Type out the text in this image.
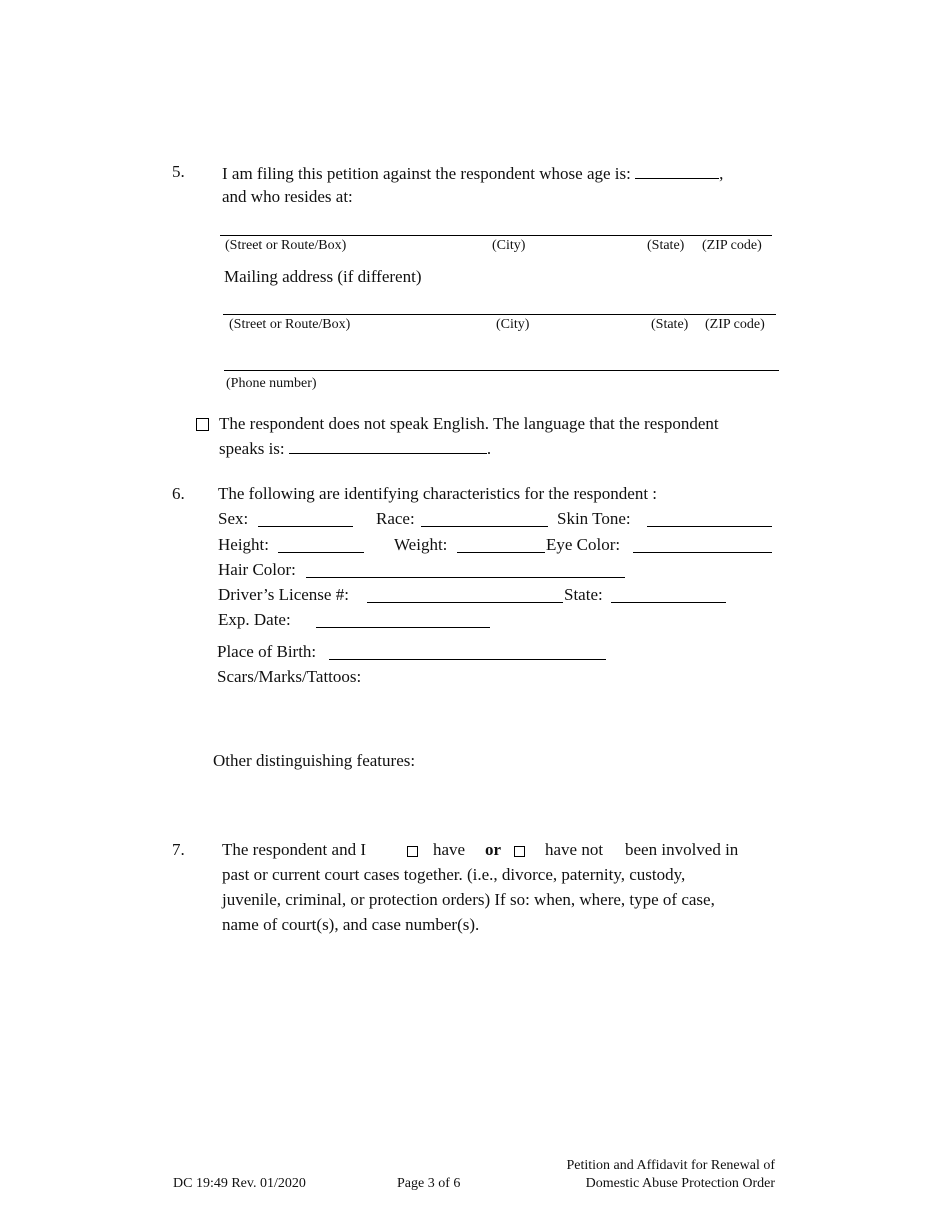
5. I am filing this petition against the respondent whose age is:	,
and who resides at:
(Street or Route/Box)	(City)	(State) (ZIP code)
Mailing address (if different)
(Street or Route/Box)	(City)	(State) (ZIP code)
(Phone number)
The respondent does not speak English. The language that the respondent
speaks is:	.
6. The following are identifying characteristics for the respondent :
Sex:	Race:	Skin Tone:
Height:	Weight:	Eye Color:
Hair Color:
Driver’s License #:	State:
Exp. Date:
Place of Birth:
Scars/Marks/Tattoos:
Other distinguishing features:
7. The respondent and I	have or	have not been involved in
past or current court cases together. (i.e., divorce, paternity, custody,
juvenile, criminal, or protection orders) If so: when, where, type of case,
name of court(s), and case number(s).
DC 19:49 Rev. 01/2020	Page 3 of 6
Petition and Affidavit for Renewal of
Domestic Abuse Protection Order
